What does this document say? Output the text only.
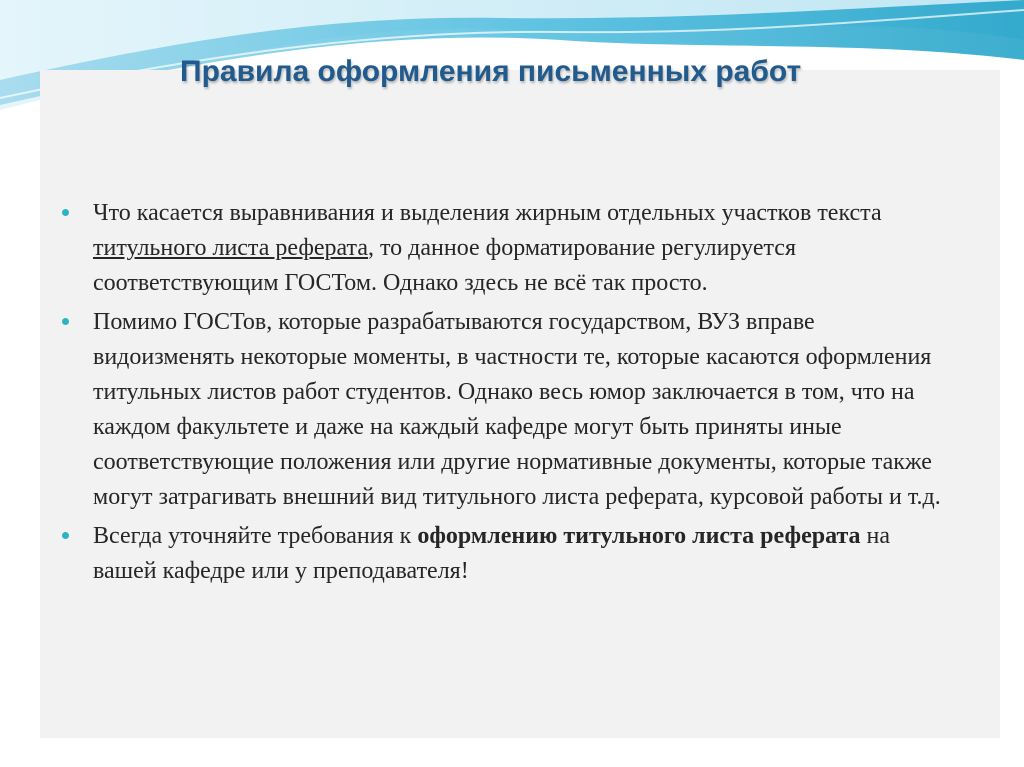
Правила оформления письменных работ
Что касается выравнивания и выделения жирным отдельных участков текста титульного листа реферата, то данное форматирование регулируется соответствующим ГОСТом. Однако здесь не всё так просто.
Помимо ГОСТов, которые разрабатываются государством, ВУЗ вправе видоизменять некоторые моменты, в частности те, которые касаются оформления титульных листов работ студентов. Однако весь юмор заключается в том, что на каждом факультете и даже на каждый кафедре могут быть приняты иные соответствующие положения или другие нормативные документы, которые также могут затрагивать внешний вид титульного листа реферата, курсовой работы и т.д.
Всегда уточняйте требования к оформлению титульного листа реферата на вашей кафедре или у преподавателя!
